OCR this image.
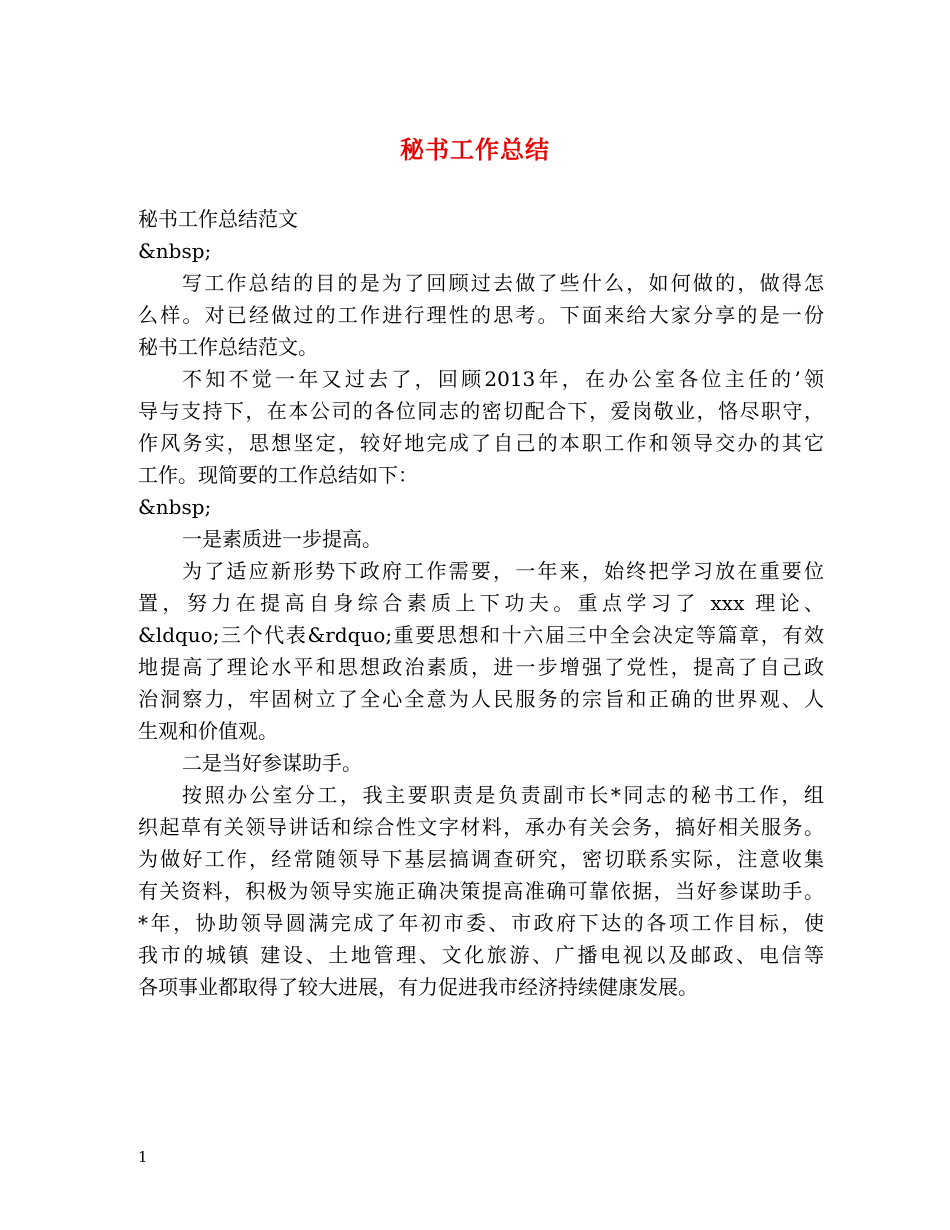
秘书工作总结
秘书工作总结范文
&nbsp;
写工作总结的目的是为了回顾过去做了些什么，如何做的，做得怎
么样。对已经做过的工作进行理性的思考。下面来给大家分享的是一份
秘书工作总结范文。
不知不觉一年又过去了，回顾2013年，在办公室各位主任的’领
导与支持下，在本公司的各位同志的密切配合下，爱岗敬业，恪尽职守，
作风务实，思想坚定，较好地完成了自己的本职工作和领导交办的其它
工作。现简要的工作总结如下：
&nbsp;
一是素质进一步提高。
为了适应新形势下政府工作需要，一年来，始终把学习放在重要位
置，努力在提高自身综合素质上下功夫。重点学习了 xxx 理论、
&ldquo;三个代表&rdquo;重要思想和十六届三中全会决定等篇章，有效
地提高了理论水平和思想政治素质，进一步增强了党性，提高了自己政
治洞察力，牢固树立了全心全意为人民服务的宗旨和正确的世界观、人
生观和价值观。
二是当好参谋助手。
按照办公室分工，我主要职责是负责副市长*同志的秘书工作，组
织起草有关领导讲话和综合性文字材料，承办有关会务，搞好相关服务。
为做好工作，经常随领导下基层搞调查研究，密切联系实际，注意收集
有关资料，积极为领导实施正确决策提高准确可靠依据，当好参谋助手。
*年，协助领导圆满完成了年初市委、市政府下达的各项工作目标，使
我市的城镇 建设、土地管理、文化旅游、广播电视以及邮政、电信等
各项事业都取得了较大进展，有力促进我市经济持续健康发展。
1
